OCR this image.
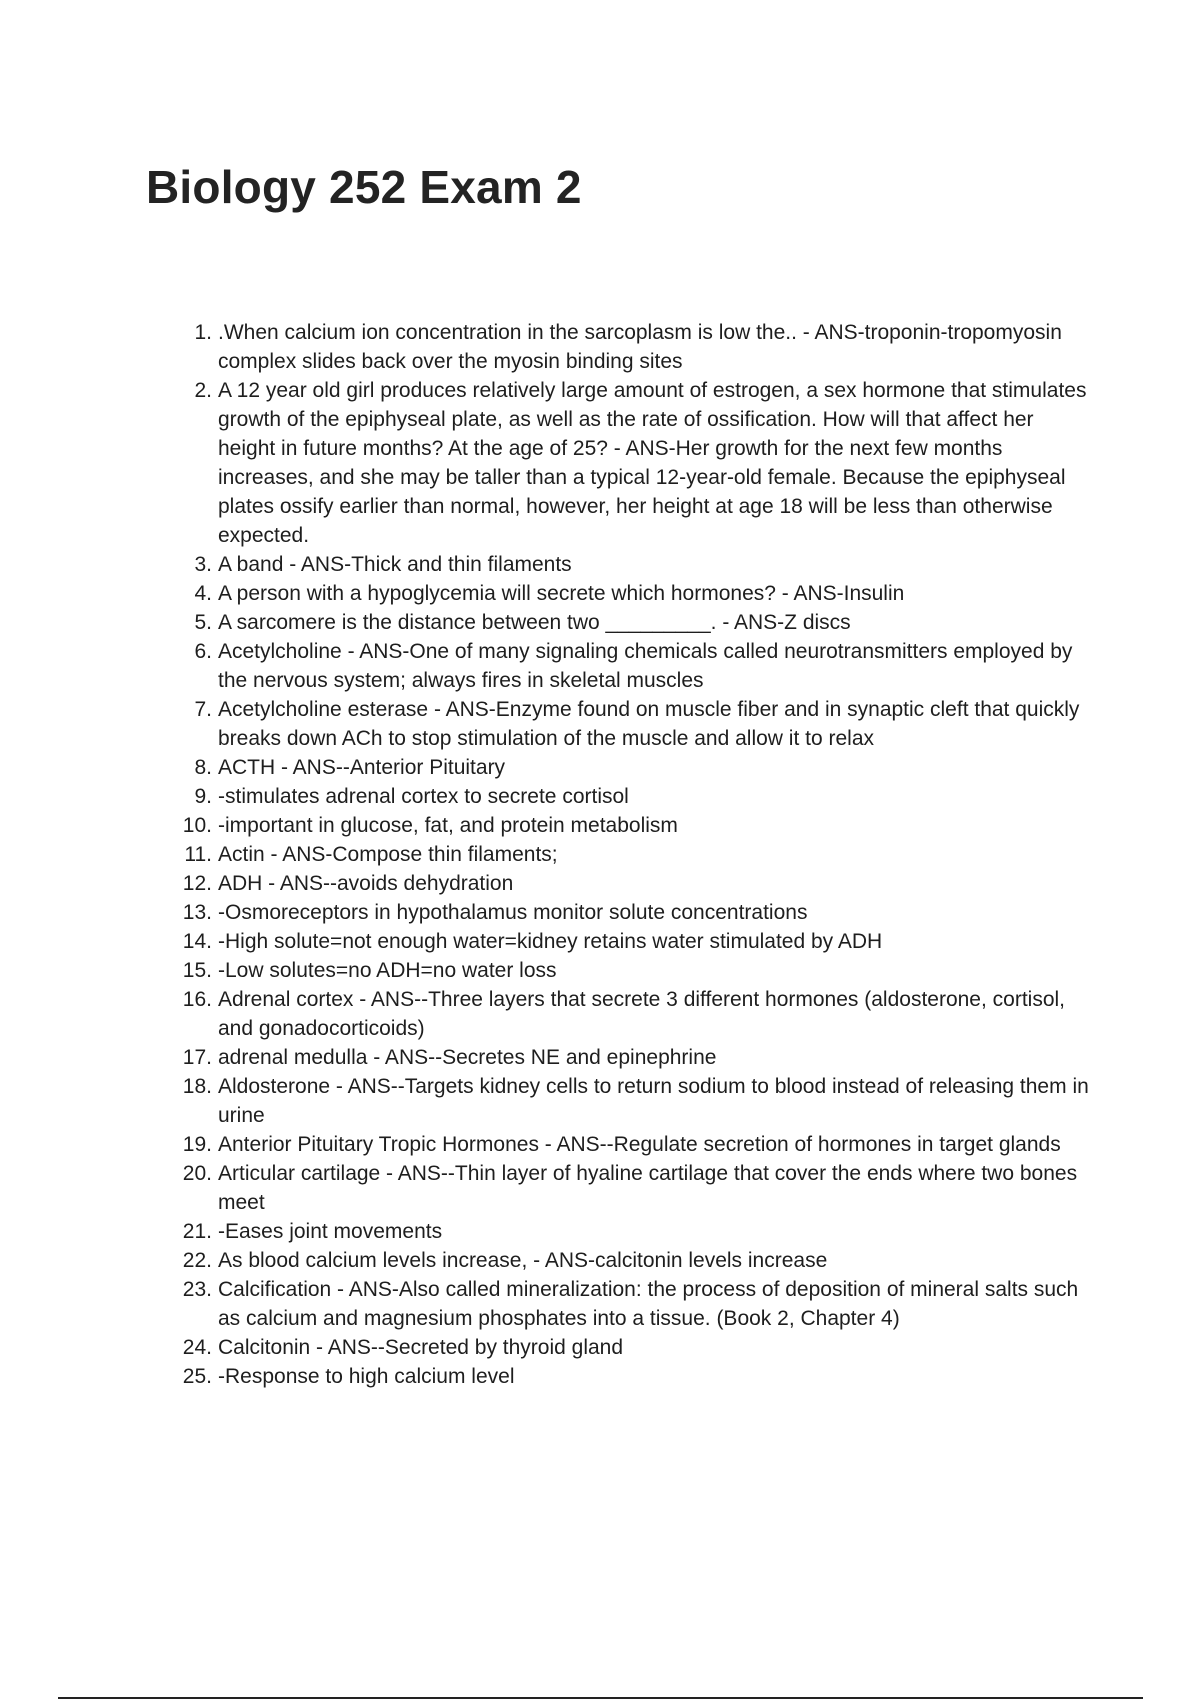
Biology 252 Exam 2
1. .When calcium ion concentration in the sarcoplasm is low the.. - ANS-troponin-tropomyosin complex slides back over the myosin binding sites
2. A 12 year old girl produces relatively large amount of estrogen, a sex hormone that stimulates growth of the epiphyseal plate, as well as the rate of ossification. How will that affect her height in future months? At the age of 25? - ANS-Her growth for the next few months increases, and she may be taller than a typical 12-year-old female. Because the epiphyseal plates ossify earlier than normal, however, her height at age 18 will be less than otherwise expected.
3. A band - ANS-Thick and thin filaments
4. A person with a hypoglycemia will secrete which hormones? - ANS-Insulin
5. A sarcomere is the distance between two _________. - ANS-Z discs
6. Acetylcholine - ANS-One of many signaling chemicals called neurotransmitters employed by the nervous system; always fires in skeletal muscles
7. Acetylcholine esterase - ANS-Enzyme found on muscle fiber and in synaptic cleft that quickly breaks down ACh to stop stimulation of the muscle and allow it to relax
8. ACTH - ANS--Anterior Pituitary
9. -stimulates adrenal cortex to secrete cortisol
10. -important in glucose, fat, and protein metabolism
11. Actin - ANS-Compose thin filaments;
12. ADH - ANS--avoids dehydration
13. -Osmoreceptors in hypothalamus monitor solute concentrations
14. -High solute=not enough water=kidney retains water stimulated by ADH
15. -Low solutes=no ADH=no water loss
16. Adrenal cortex - ANS--Three layers that secrete 3 different hormones (aldosterone, cortisol, and gonadocorticoids)
17. adrenal medulla - ANS--Secretes NE and epinephrine
18. Aldosterone - ANS--Targets kidney cells to return sodium to blood instead of releasing them in urine
19. Anterior Pituitary Tropic Hormones - ANS--Regulate secretion of hormones in target glands
20. Articular cartilage - ANS--Thin layer of hyaline cartilage that cover the ends where two bones meet
21. -Eases joint movements
22. As blood calcium levels increase, - ANS-calcitonin levels increase
23. Calcification - ANS-Also called mineralization: the process of deposition of mineral salts such as calcium and magnesium phosphates into a tissue. (Book 2, Chapter 4)
24. Calcitonin - ANS--Secreted by thyroid gland
25. -Response to high calcium level
